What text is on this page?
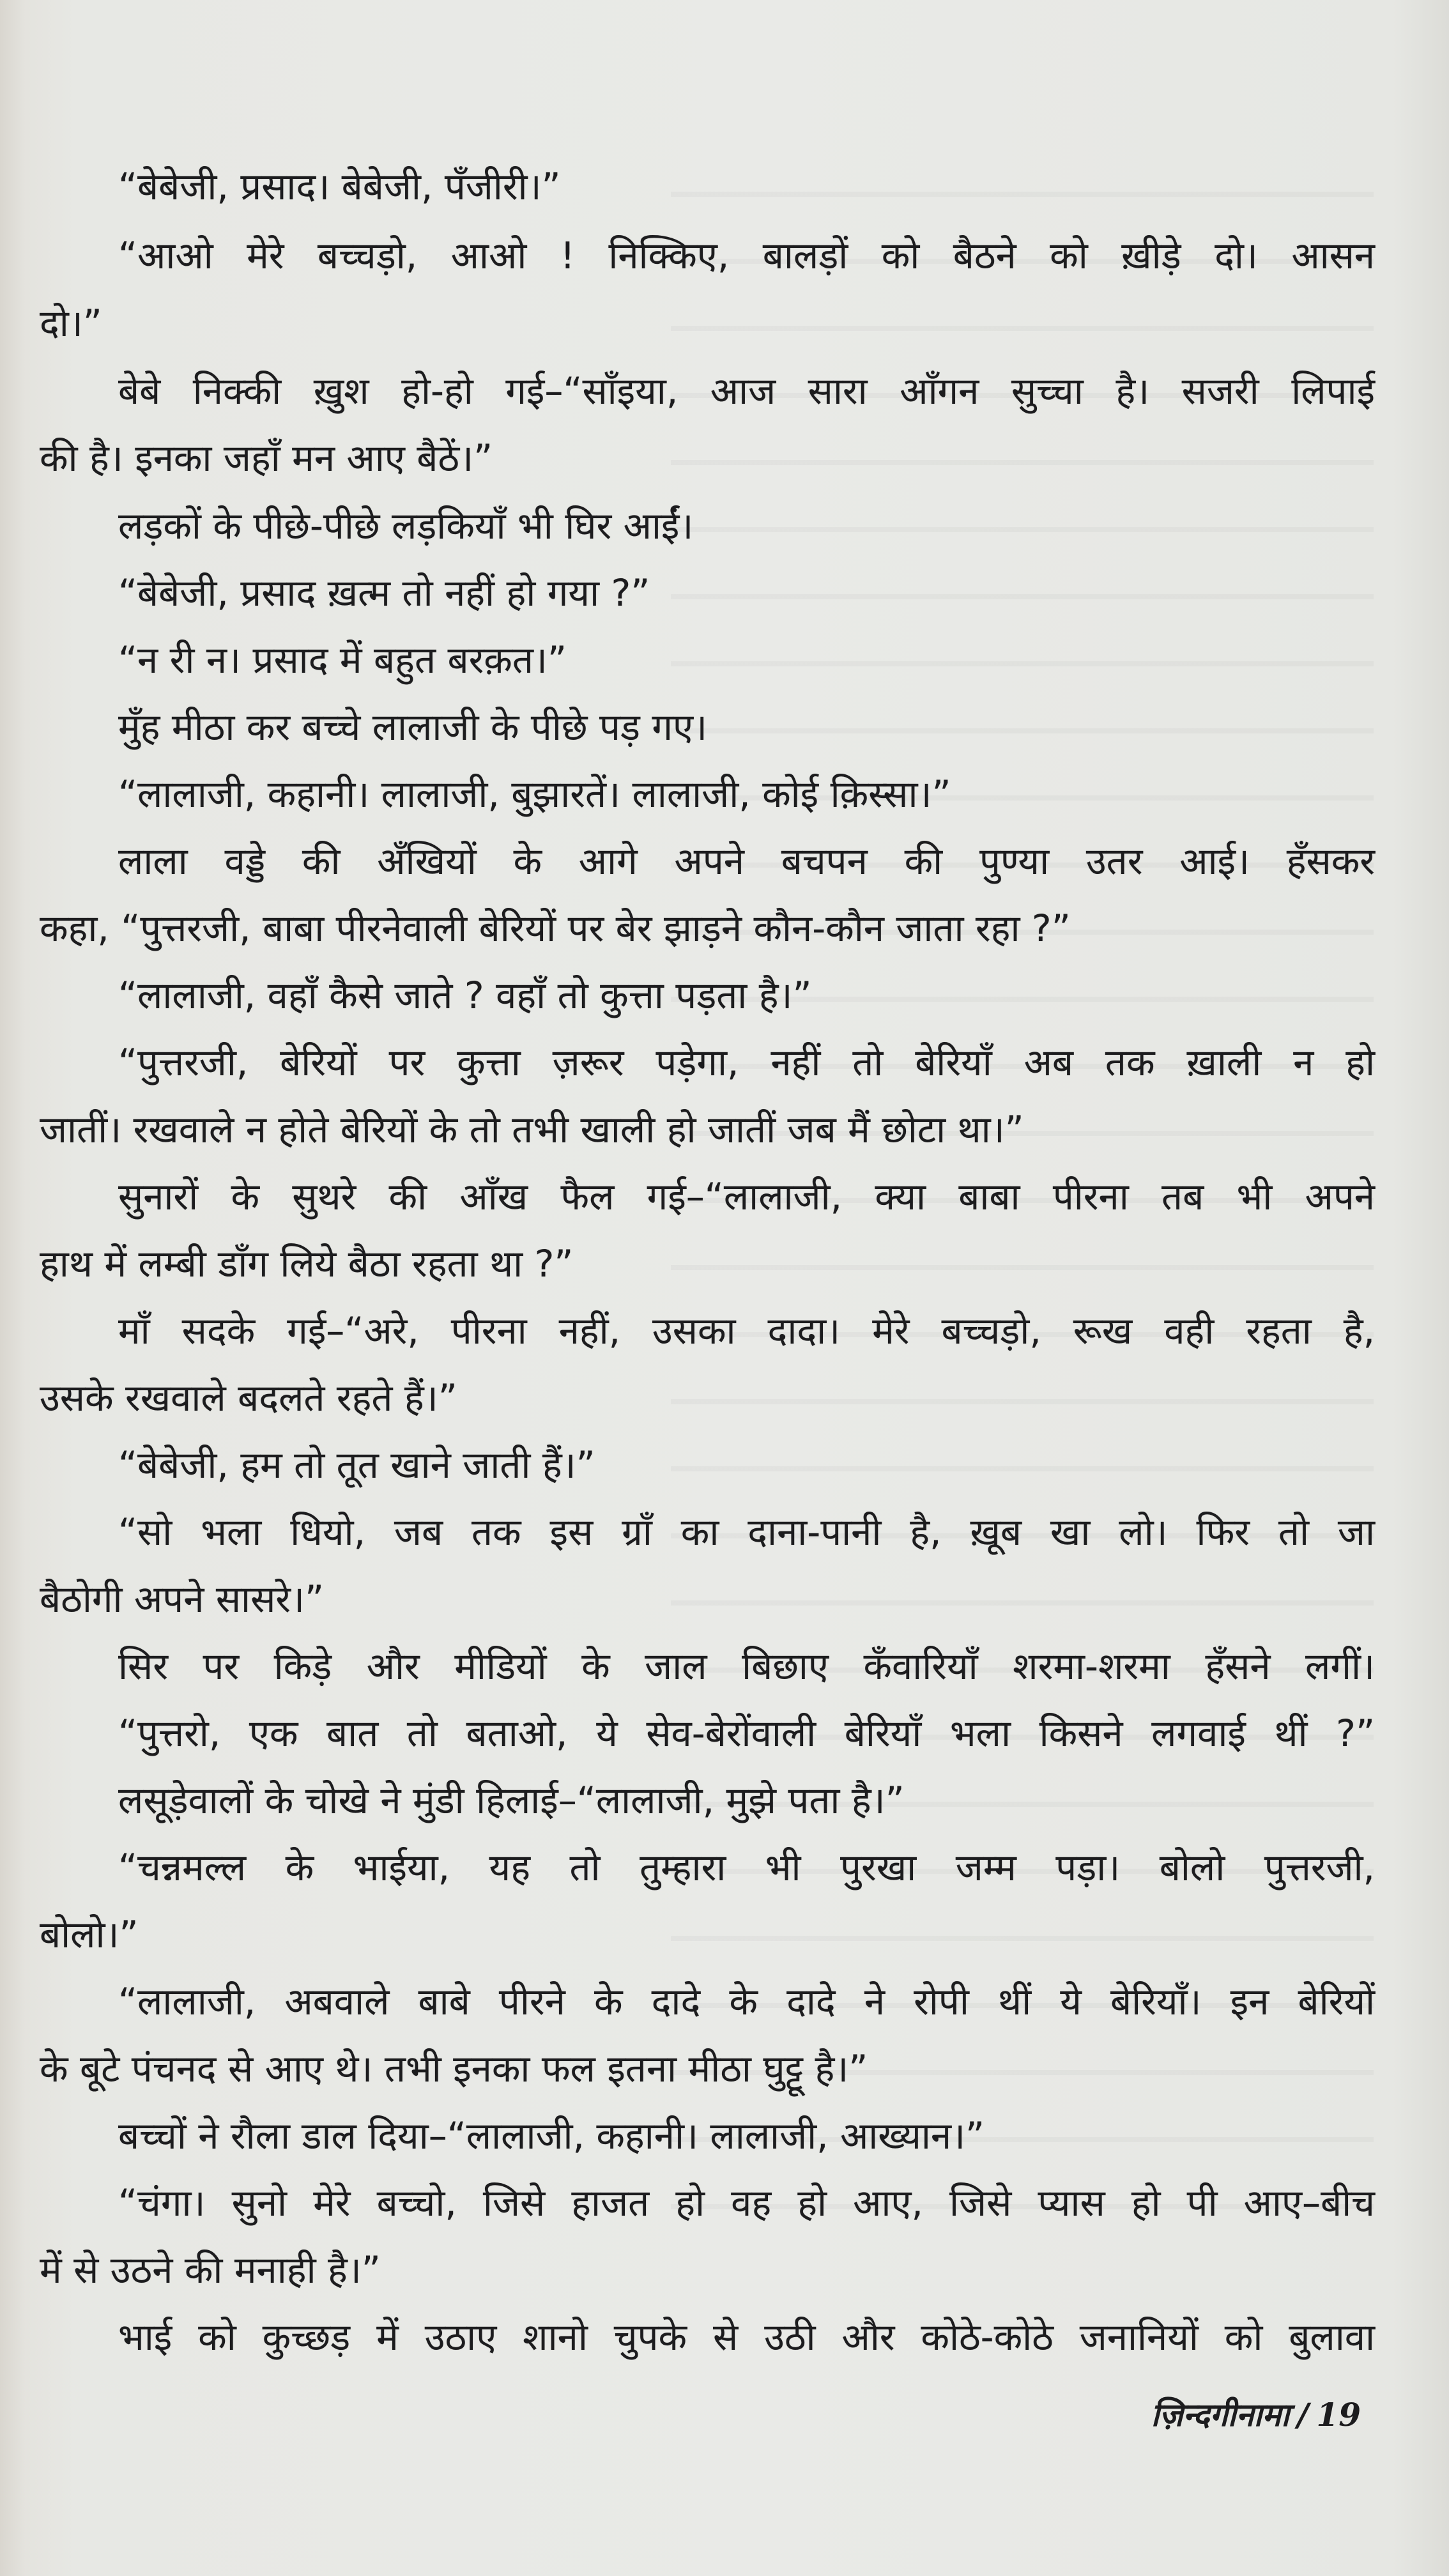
“बेबेजी, प्रसाद। बेबेजी, पँजीरी।”
“आओ मेरे बच्चड़ो, आओ ! निक्किए, बालड़ों को बैठने को ख़ीड़े दो। आसन
दो।”
बेबे निक्की ख़ुश हो-हो गई–“साँइया, आज सारा आँगन सुच्चा है। सजरी लिपाई
की है। इनका जहाँ मन आए बैठें।”
लड़कों के पीछे-पीछे लड़कियाँ भी घिर आईं।
“बेबेजी, प्रसाद ख़त्म तो नहीं हो गया ?”
“न री न। प्रसाद में बहुत बरक़त।”
मुँह मीठा कर बच्चे लालाजी के पीछे पड़ गए।
“लालाजी, कहानी। लालाजी, बुझारतें। लालाजी, कोई क़िस्सा।”
लाला वड्डे की अँखियों के आगे अपने बचपन की पुण्या उतर आई। हँसकर
कहा, “पुत्तरजी, बाबा पीरनेवाली बेरियों पर बेर झाड़ने कौन-कौन जाता रहा ?”
“लालाजी, वहाँ कैसे जाते ? वहाँ तो कुत्ता पड़ता है।”
“पुत्तरजी, बेरियों पर कुत्ता ज़रूर पड़ेगा, नहीं तो बेरियाँ अब तक ख़ाली न हो
जातीं। रखवाले न होते बेरियों के तो तभी खाली हो जातीं जब मैं छोटा था।”
सुनारों के सुथरे की आँख फैल गई–“लालाजी, क्या बाबा पीरना तब भी अपने
हाथ में लम्बी डाँग लिये बैठा रहता था ?”
माँ सदके गई–“अरे, पीरना नहीं, उसका दादा। मेरे बच्चड़ो, रूख वही रहता है,
उसके रखवाले बदलते रहते हैं।”
“बेबेजी, हम तो तूत खाने जाती हैं।”
“सो भला धियो, जब तक इस ग्राँ का दाना-पानी है, ख़ूब खा लो। फिर तो जा
बैठोगी अपने सासरे।”
सिर पर किड़े और मीडियों के जाल बिछाए कँवारियाँ शरमा-शरमा हँसने लगीं।
“पुत्तरो, एक बात तो बताओ, ये सेव-बेरोंवाली बेरियाँ भला किसने लगवाई थीं ?”
लसूड़ेवालों के चोखे ने मुंडी हिलाई–“लालाजी, मुझे पता है।”
“चन्नमल्ल के भाईया, यह तो तुम्हारा भी पुरखा जम्म पड़ा। बोलो पुत्तरजी,
बोलो।”
“लालाजी, अबवाले बाबे पीरने के दादे के दादे ने रोपी थीं ये बेरियाँ। इन बेरियों
के बूटे पंचनद से आए थे। तभी इनका फल इतना मीठा घुट्टू है।”
बच्चों ने रौला डाल दिया–“लालाजी, कहानी। लालाजी, आख्यान।”
“चंगा। सुनो मेरे बच्चो, जिसे हाजत हो वह हो आए, जिसे प्यास हो पी आए–बीच
में से उठने की मनाही है।”
भाई को कुच्छड़ में उठाए शानो चुपके से उठी और कोठे-कोठे जनानियों को बुलावा
ज़िन्दगीनामा / 19
